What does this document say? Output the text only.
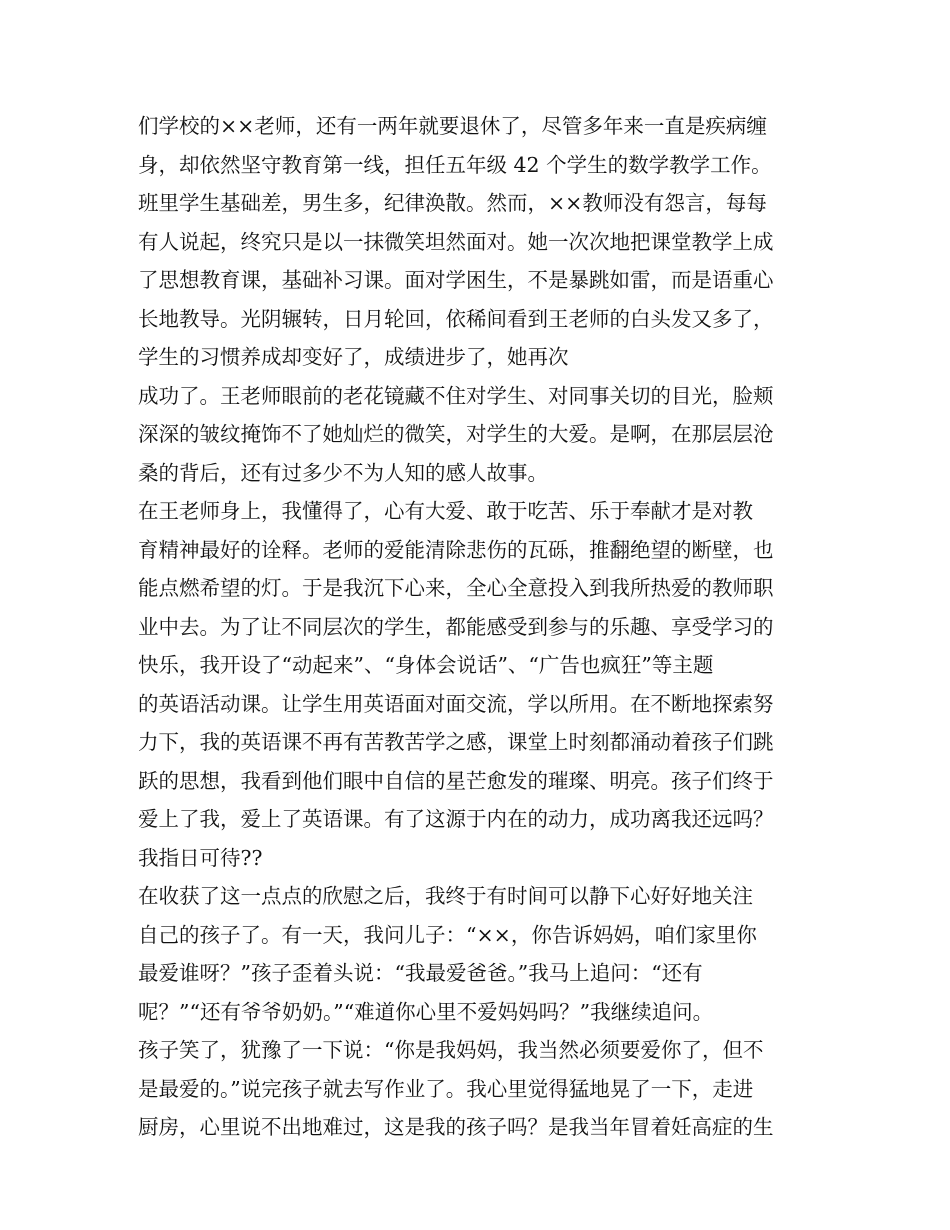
们学校的××老师，还有一两年就要退休了，尽管多年来一直是疾病缠
身，却依然坚守教育第一线，担任五年级 42 个学生的数学教学工作。
班里学生基础差，男生多，纪律涣散。然而，××教师没有怨言，每每
有人说起，终究只是以一抹微笑坦然面对。她一次次地把课堂教学上成
了思想教育课，基础补习课。面对学困生，不是暴跳如雷，而是语重心
长地教导。光阴辗转，日月轮回，依稀间看到王老师的白头发又多了，
学生的习惯养成却变好了，成绩进步了，她再次
成功了。王老师眼前的老花镜藏不住对学生、对同事关切的目光，脸颊
深深的皱纹掩饰不了她灿烂的微笑，对学生的大爱。是啊，在那层层沧
桑的背后，还有过多少不为人知的感人故事。
在王老师身上，我懂得了，心有大爱、敢于吃苦、乐于奉献才是对教
育精神最好的诠释。老师的爱能清除悲伤的瓦砾，推翻绝望的断壁，也
能点燃希望的灯。于是我沉下心来，全心全意投入到我所热爱的教师职
业中去。为了让不同层次的学生，都能感受到参与的乐趣、享受学习的
快乐，我开设了“动起来”、“身体会说话”、“广告也疯狂”等主题
的英语活动课。让学生用英语面对面交流，学以所用。在不断地探索努
力下，我的英语课不再有苦教苦学之感，课堂上时刻都涌动着孩子们跳
跃的思想，我看到他们眼中自信的星芒愈发的璀璨、明亮。孩子们终于
爱上了我，爱上了英语课。有了这源于内在的动力，成功离我还远吗？
我指日可待??
在收获了这一点点的欣慰之后，我终于有时间可以静下心好好地关注
自己的孩子了。有一天，我问儿子：“××，你告诉妈妈，咱们家里你
最爱谁呀？”孩子歪着头说：“我最爱爸爸。”我马上追问：“还有
呢？”“还有爷爷奶奶。”“难道你心里不爱妈妈吗？”我继续追问。
孩子笑了，犹豫了一下说：“你是我妈妈，我当然必须要爱你了，但不
是最爱的。”说完孩子就去写作业了。我心里觉得猛地晃了一下，走进
厨房，心里说不出地难过，这是我的孩子吗？是我当年冒着妊高症的生
